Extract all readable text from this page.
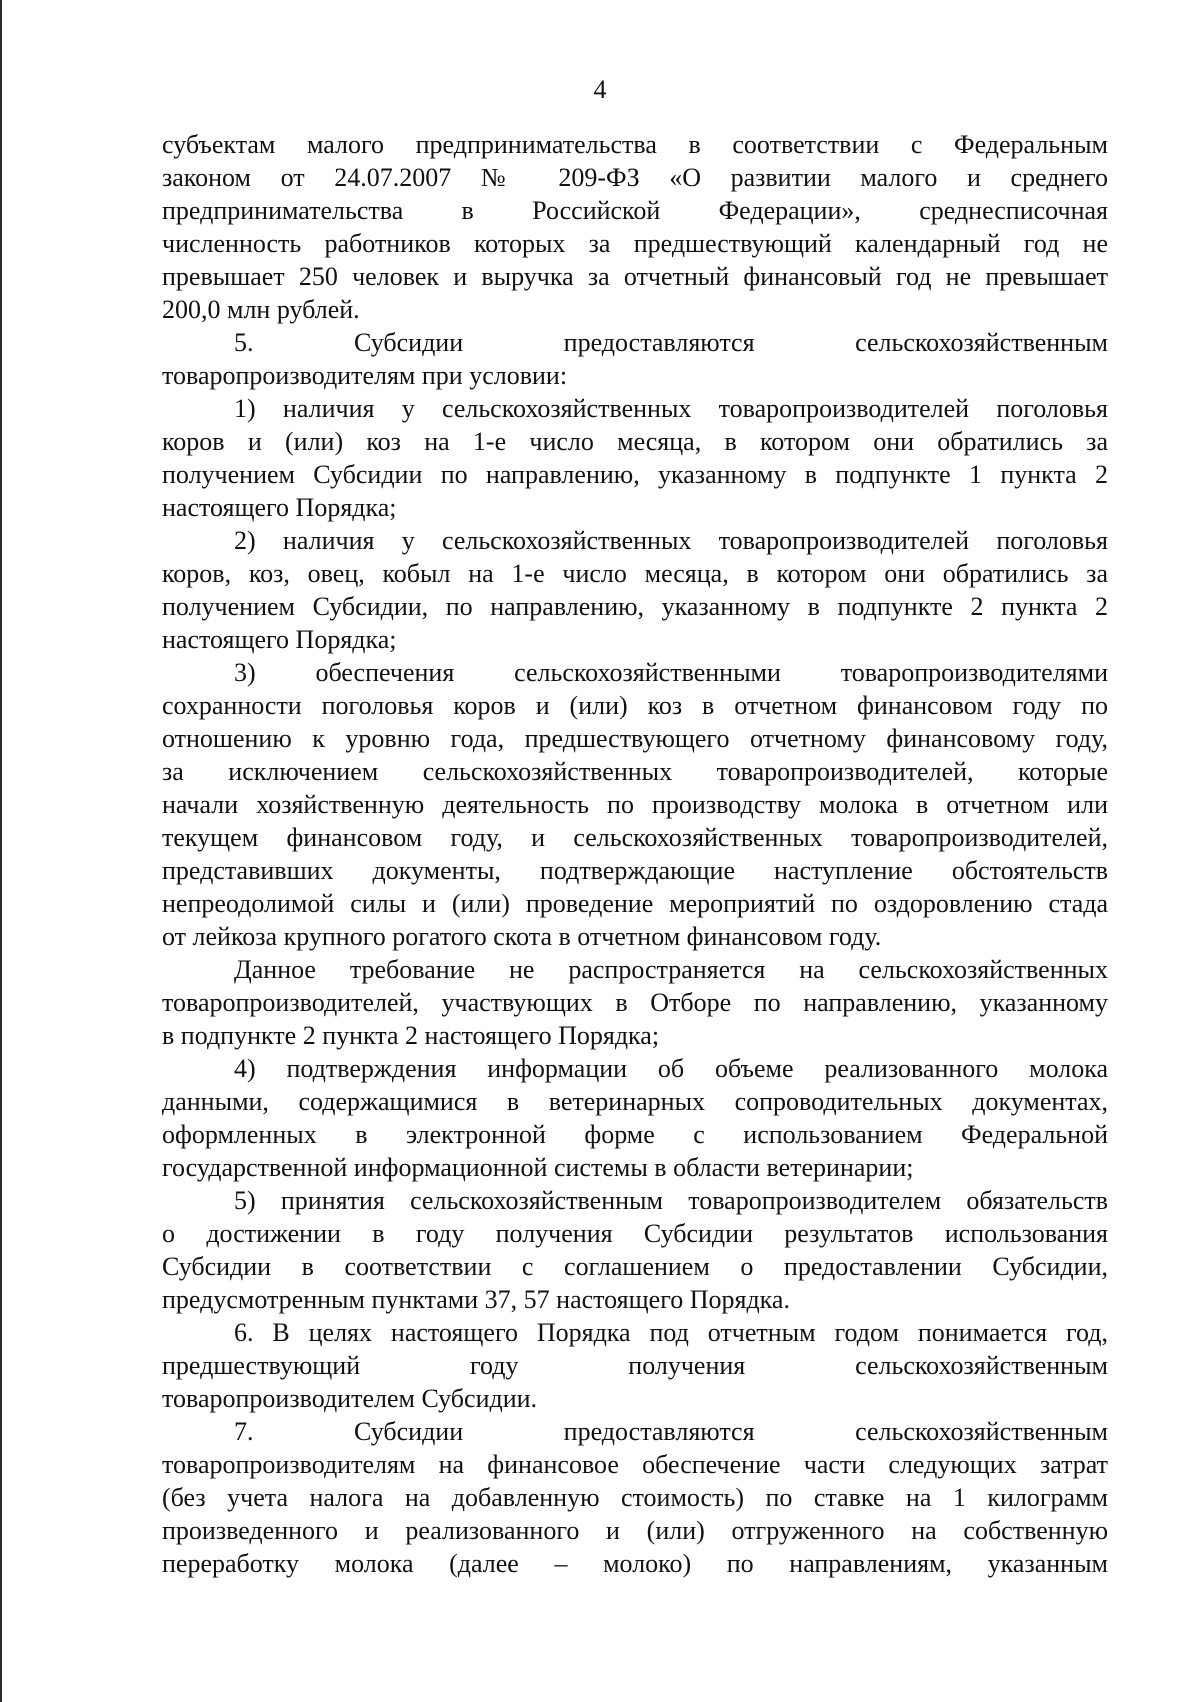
4
субъектам малого предпринимательства в соответствии с Федеральным
законом от 24.07.2007 № 209-ФЗ «О развитии малого и среднего
предпринимательства в Российской Федерации», среднесписочная
численность работников которых за предшествующий календарный год не
превышает 250 человек и выручка за отчетный финансовый год не превышает
200,0 млн рублей.
5. Субсидии предоставляются сельскохозяйственным
товаропроизводителям при условии:
1) наличия у сельскохозяйственных товаропроизводителей поголовья
коров и (или) коз на 1-е число месяца, в котором они обратились за
получением Субсидии по направлению, указанному в подпункте 1 пункта 2
настоящего Порядка;
2) наличия у сельскохозяйственных товаропроизводителей поголовья
коров, коз, овец, кобыл на 1-е число месяца, в котором они обратились за
получением Субсидии, по направлению, указанному в подпункте 2 пункта 2
настоящего Порядка;
3) обеспечения сельскохозяйственными товаропроизводителями
сохранности поголовья коров и (или) коз в отчетном финансовом году по
отношению к уровню года, предшествующего отчетному финансовому году,
за исключением сельскохозяйственных товаропроизводителей, которые
начали хозяйственную деятельность по производству молока в отчетном или
текущем финансовом году, и сельскохозяйственных товаропроизводителей,
представивших документы, подтверждающие наступление обстоятельств
непреодолимой силы и (или) проведение мероприятий по оздоровлению стада
от лейкоза крупного рогатого скота в отчетном финансовом году.
Данное требование не распространяется на сельскохозяйственных
товаропроизводителей, участвующих в Отборе по направлению, указанному
в подпункте 2 пункта 2 настоящего Порядка;
4) подтверждения информации об объеме реализованного молока
данными, содержащимися в ветеринарных сопроводительных документах,
оформленных в электронной форме с использованием Федеральной
государственной информационной системы в области ветеринарии;
5) принятия сельскохозяйственным товаропроизводителем обязательств
о достижении в году получения Субсидии результатов использования
Субсидии в соответствии с соглашением о предоставлении Субсидии,
предусмотренным пунктами 37, 57 настоящего Порядка.
6. В целях настоящего Порядка под отчетным годом понимается год,
предшествующий году получения сельскохозяйственным
товаропроизводителем Субсидии.
7. Субсидии предоставляются сельскохозяйственным
товаропроизводителям на финансовое обеспечение части следующих затрат
(без учета налога на добавленную стоимость) по ставке на 1 килограмм
произведенного и реализованного и (или) отгруженного на собственную
переработку молока (далее – молоко) по направлениям, указанным
